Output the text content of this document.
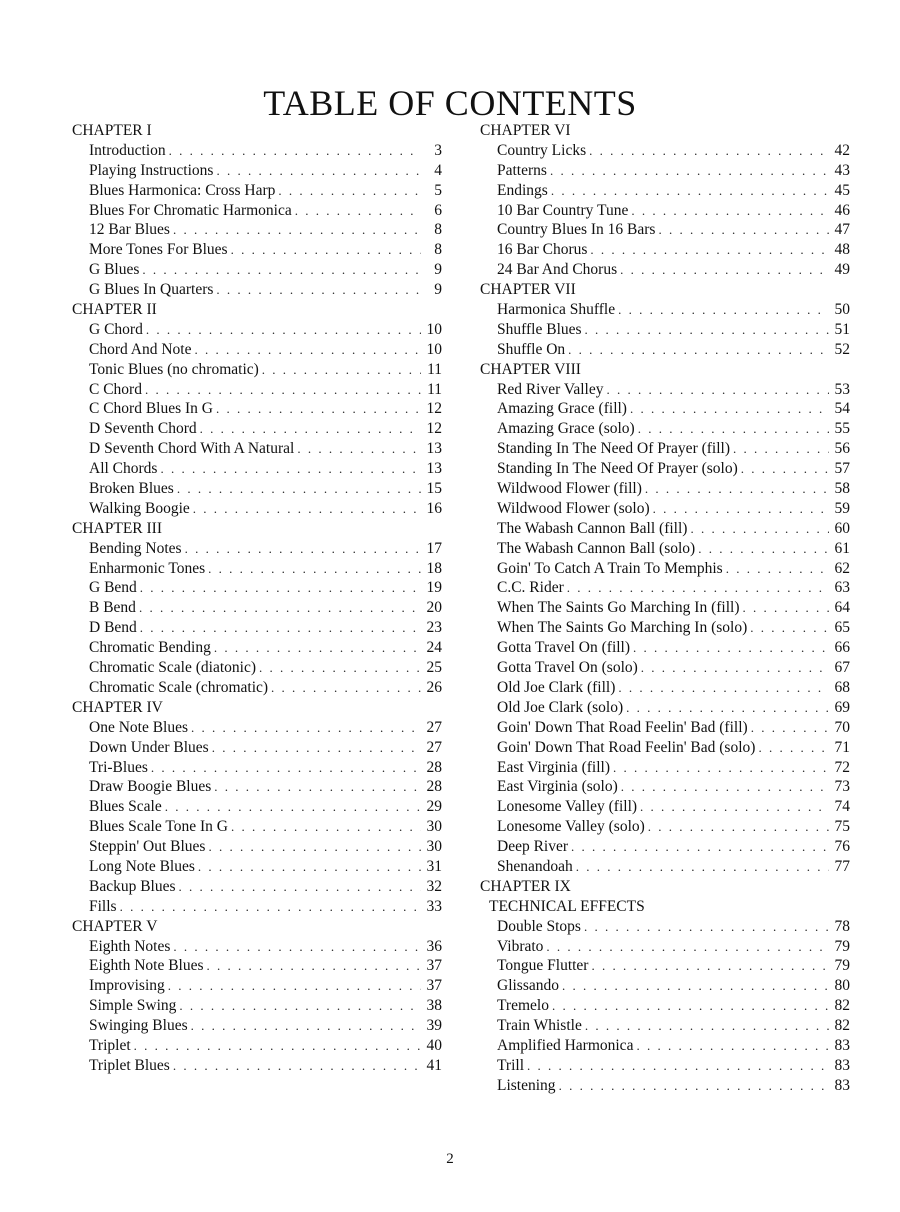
TABLE OF CONTENTS
CHAPTER I
Introduction . . .	3
Playing Instructions . . .	4
Blues Harmonica: Cross Harp . . .	5
Blues For Chromatic Harmonica . . .	6
12 Bar Blues . . .	8
More Tones For Blues . . .	8
G Blues . . .	9
G Blues In Quarters . . .	9
CHAPTER II
G Chord . . .	10
Chord And Note . . .	10
Tonic Blues (no chromatic) . . .	11
C Chord . . .	11
C Chord Blues In G . . .	12
D Seventh Chord . . .	12
D Seventh Chord With A Natural . . .	13
All Chords . . .	13
Broken Blues . . .	15
Walking Boogie . . .	16
CHAPTER III
Bending Notes . . .	17
Enharmonic Tones . . .	18
G Bend . . .	19
B Bend . . .	20
D Bend . . .	23
Chromatic Bending . . .	24
Chromatic Scale (diatonic) . . .	25
Chromatic Scale (chromatic) . . .	26
CHAPTER IV
One Note Blues . . .	27
Down Under Blues . . .	27
Tri-Blues . . .	28
Draw Boogie Blues . . .	28
Blues Scale . . .	29
Blues Scale Tone In G . . .	30
Steppin' Out Blues . . .	30
Long Note Blues . . .	31
Backup Blues . . .	32
Fills . . .	33
CHAPTER V
Eighth Notes . . .	36
Eighth Note Blues . . .	37
Improvising . . .	37
Simple Swing . . .	38
Swinging Blues . . .	39
Triplet . . .	40
Triplet Blues . . .	41
CHAPTER VI
Country Licks . . .	42
Patterns . . .	43
Endings . . .	45
10 Bar Country Tune . . .	46
Country Blues In 16 Bars . . .	47
16 Bar Chorus . . .	48
24 Bar And Chorus . . .	49
CHAPTER VII
Harmonica Shuffle . . .	50
Shuffle Blues . . .	51
Shuffle On . . .	52
CHAPTER VIII
Red River Valley . . .	53
Amazing Grace (fill) . . .	54
Amazing Grace (solo) . . .	55
Standing In The Need Of Prayer (fill) . . .	56
Standing In The Need Of Prayer (solo) . . .	57
Wildwood Flower (fill) . . .	58
Wildwood Flower (solo) . . .	59
The Wabash Cannon Ball (fill) . . .	60
The Wabash Cannon Ball (solo) . . .	61
Goin' To Catch A Train To Memphis . . .	62
C.C. Rider . . .	63
When The Saints Go Marching In (fill) . . .	64
When The Saints Go Marching In (solo) . . .	65
Gotta Travel On (fill) . . .	66
Gotta Travel On (solo) . . .	67
Old Joe Clark (fill) . . .	68
Old Joe Clark (solo) . . .	69
Goin' Down That Road Feelin' Bad (fill) . . .	70
Goin' Down That Road Feelin' Bad (solo) . . .	71
East Virginia (fill) . . .	72
East Virginia (solo) . . .	73
Lonesome Valley (fill) . . .	74
Lonesome Valley (solo) . . .	75
Deep River . . .	76
Shenandoah . . .	77
CHAPTER IX
TECHNICAL EFFECTS
Double Stops . . .	78
Vibrato . . .	79
Tongue Flutter . . .	79
Glissando . . .	80
Tremelo . . .	82
Train Whistle . . .	82
Amplified Harmonica . . .	83
Trill . . .	83
Listening . . .	83
2
